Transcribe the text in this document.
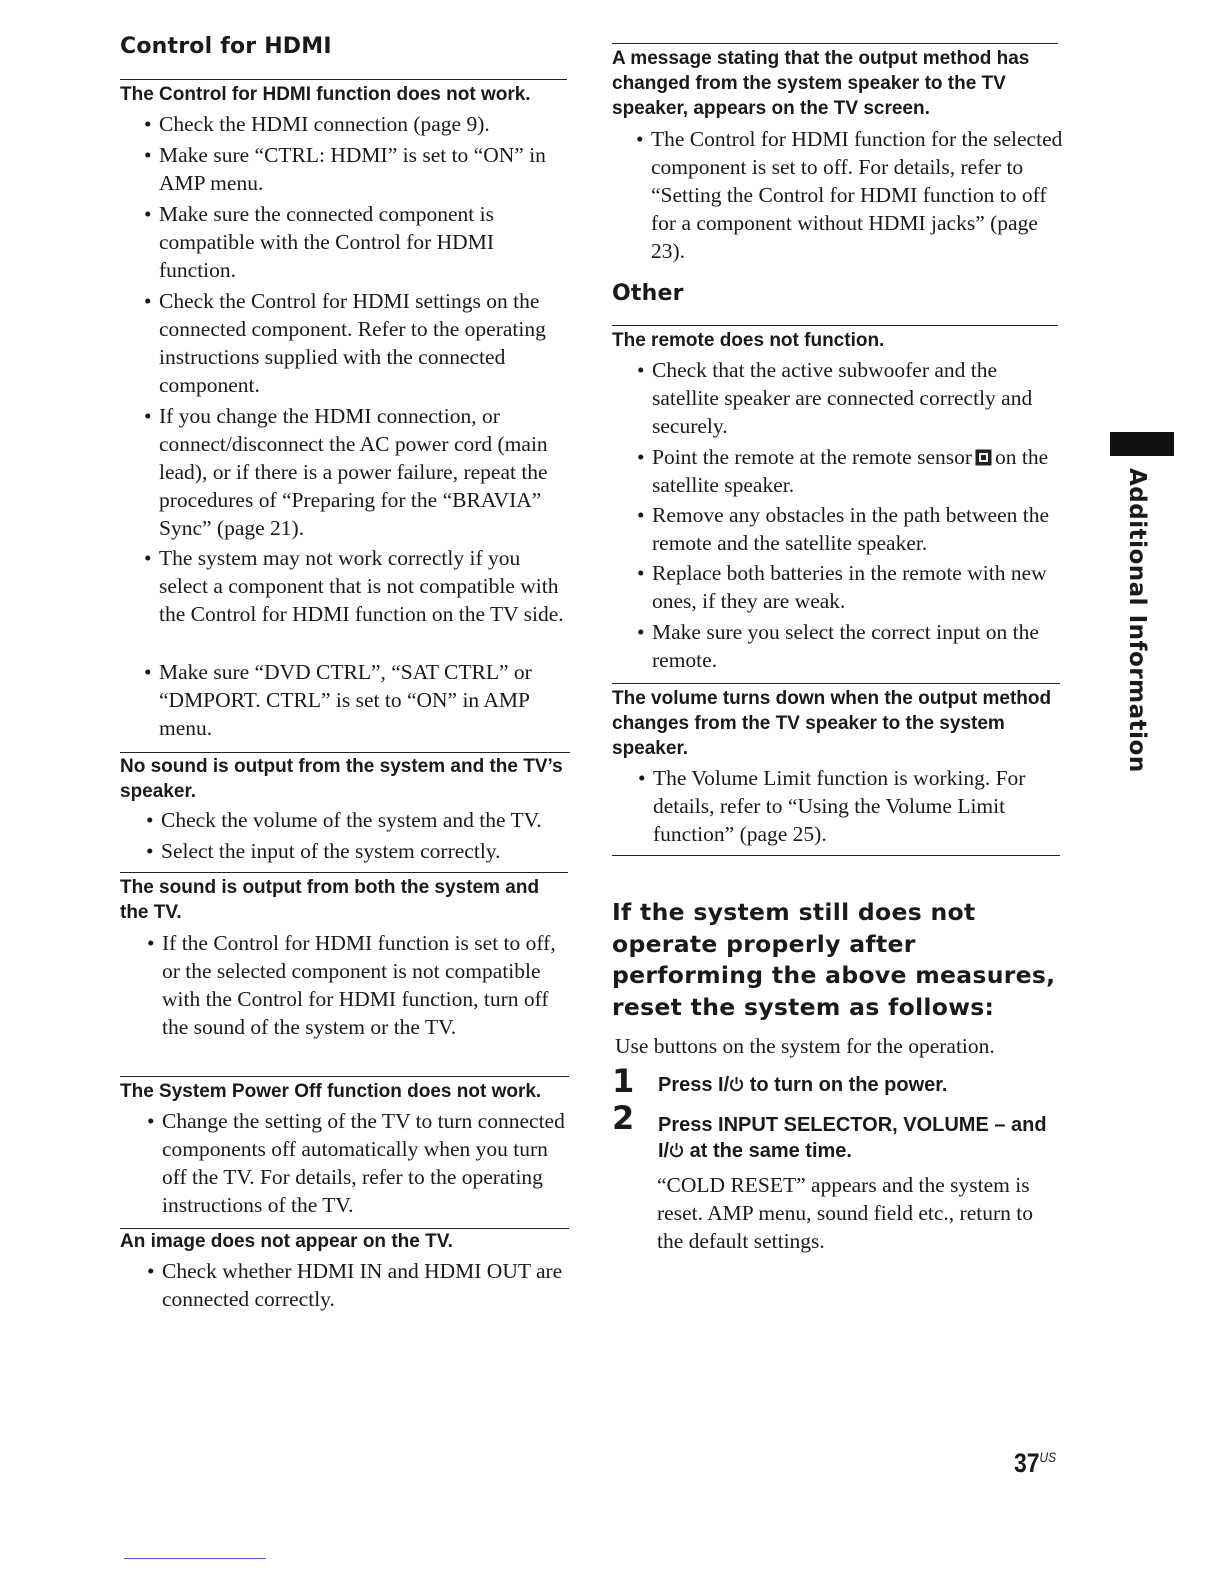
Control for HDMI
The Control for HDMI function does not work.
• Check the HDMI connection (page 9).
• Make sure “CTRL: HDMI” is set to “ON” in AMP menu.
• Make sure the connected component is compatible with the Control for HDMI function.
• Check the Control for HDMI settings on the connected component. Refer to the operating instructions supplied with the connected component.
• If you change the HDMI connection, or connect/disconnect the AC power cord (main lead), or if there is a power failure, repeat the procedures of “Preparing for the “BRAVIA” Sync” (page 21).
• The system may not work correctly if you select a component that is not compatible with the Control for HDMI function on the TV side.
• Make sure “DVD CTRL”, “SAT CTRL” or “DMPORT. CTRL” is set to “ON” in AMP menu.
No sound is output from the system and the TV’s speaker.
• Check the volume of the system and the TV.
• Select the input of the system correctly.
The sound is output from both the system and the TV.
• If the Control for HDMI function is set to off, or the selected component is not compatible with the Control for HDMI function, turn off the sound of the system or the TV.
The System Power Off function does not work.
• Change the setting of the TV to turn connected components off automatically when you turn off the TV. For details, refer to the operating instructions of the TV.
An image does not appear on the TV.
• Check whether HDMI IN and HDMI OUT are connected correctly.
A message stating that the output method has changed from the system speaker to the TV speaker, appears on the TV screen.
• The Control for HDMI function for the selected component is set to off. For details, refer to “Setting the Control for HDMI function to off for a component without HDMI jacks” (page 23).
Other
The remote does not function.
• Check that the active subwoofer and the satellite speaker are connected correctly and securely.
• Point the remote at the remote sensor on the satellite speaker.
• Remove any obstacles in the path between the remote and the satellite speaker.
• Replace both batteries in the remote with new ones, if they are weak.
• Make sure you select the correct input on the remote.
The volume turns down when the output method changes from the TV speaker to the system speaker.
• The Volume Limit function is working. For details, refer to “Using the Volume Limit function” (page 25).
If the system still does not operate properly after performing the above measures, reset the system as follows:
Use buttons on the system for the operation.
1 Press I/ to turn on the power.
2 Press INPUT SELECTOR, VOLUME – and I/ at the same time.
“COLD RESET” appears and the system is reset. AMP menu, sound field etc., return to the default settings.
Additional Information
$37^{US}$
